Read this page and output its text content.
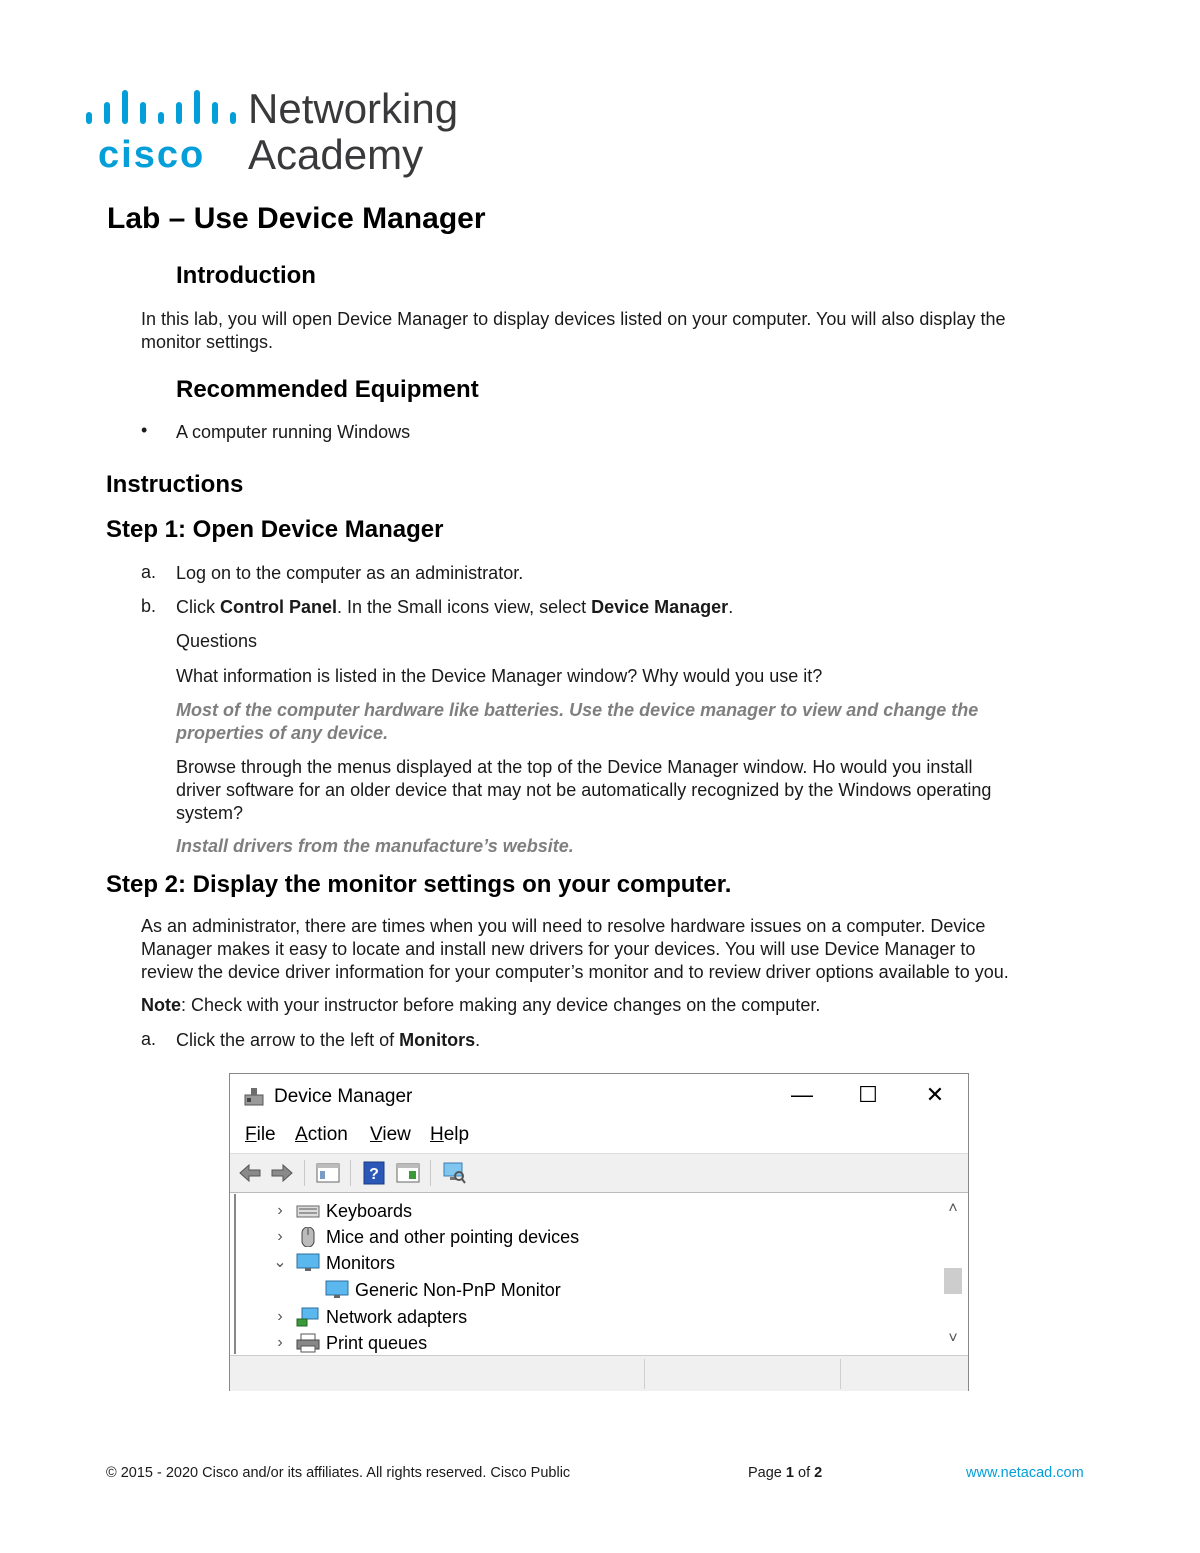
cisco
Networking
Academy
Lab – Use Device Manager
Introduction
In this lab, you will open Device Manager to display devices listed on your computer. You will also display the
monitor settings.
Recommended Equipment
• A computer running Windows
Instructions
Step 1: Open Device Manager
a. Log on to the computer as an administrator.
b. Click Control Panel. In the Small icons view, select Device Manager.
Questions
What information is listed in the Device Manager window? Why would you use it?
Most of the computer hardware like batteries. Use the device manager to view and change the
properties of any device.
Browse through the menus displayed at the top of the Device Manager window. Ho would you install
driver software for an older device that may not be automatically recognized by the Windows operating
system?
Install drivers from the manufacture’s website.
Step 2: Display the monitor settings on your computer.
As an administrator, there are times when you will need to resolve hardware issues on a computer. Device
Manager makes it easy to locate and install new drivers for your devices. You will use Device Manager to
review the device driver information for your computer’s monitor and to review driver options available to you.
Note: Check with your instructor before making any device changes on the computer.
a. Click the arrow to the left of Monitors.
Device Manager	—	☐	✕
File Action View Help
?
› Keyboards
› Mice and other pointing devices
⌄ Monitors
Generic Non-PnP Monitor
› Network adapters
› Print queues
˄
˅
© 2015 - 2020 Cisco and/or its affiliates. All rights reserved. Cisco Public	Page 1 of 2	www.netacad.com
